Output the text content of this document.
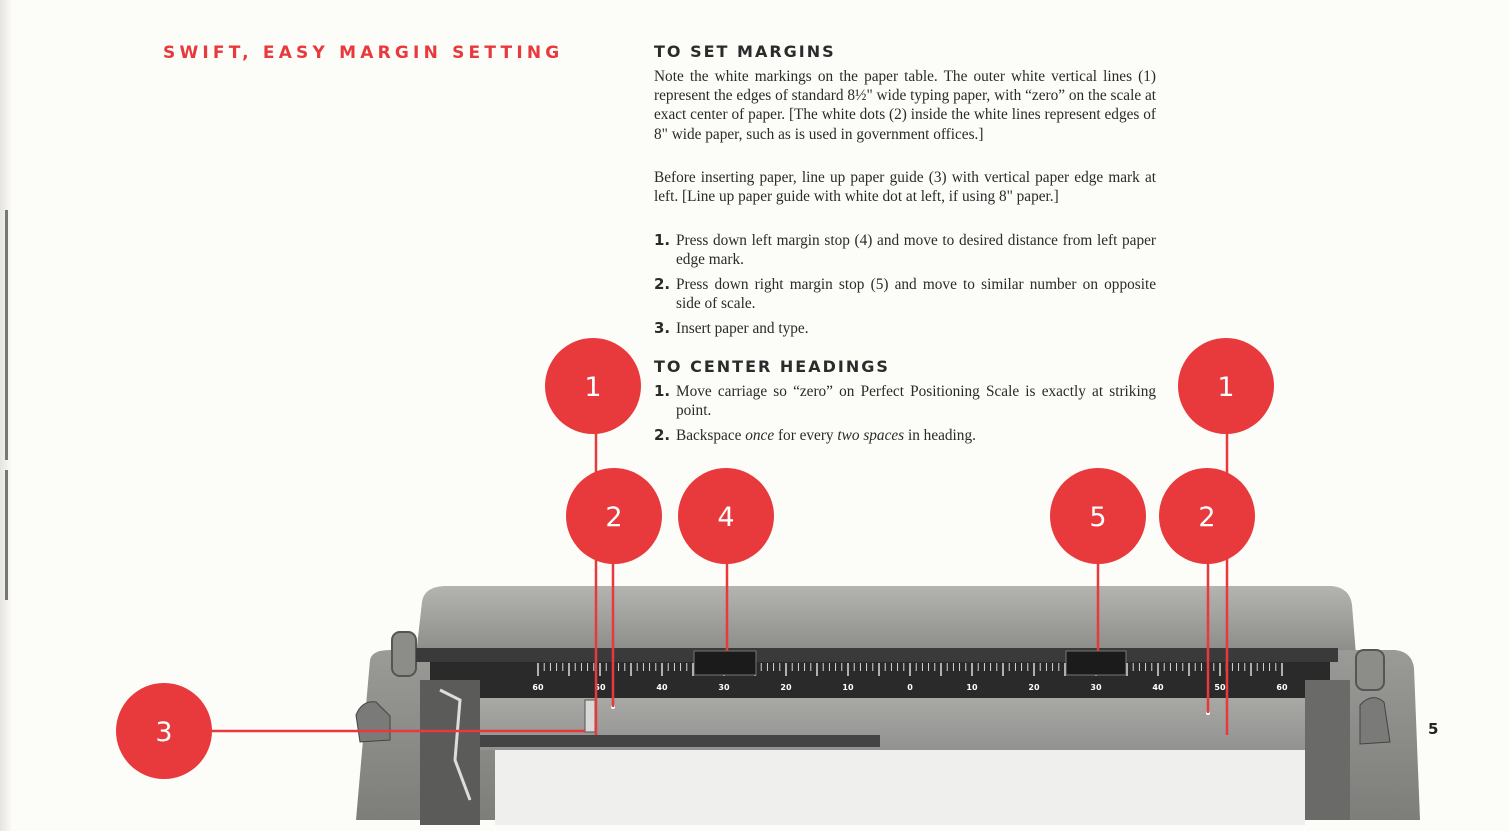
SWIFT, EASY MARGIN SETTING	TO SET MARGINS
Note the white markings on the paper table. The outer white vertical lines (1) represent the edges of standard 8½" wide typing paper, with “zero” on the scale at exact center of paper. [The white dots (2) inside the white lines represent edges of 8" wide paper, such as is used in government offices.]
Before inserting paper, line up paper guide (3) with vertical paper edge mark at left. [Line up paper guide with white dot at left, if using 8" paper.]
1. Press down left margin stop (4) and move to desired distance from left paper edge mark.
2. Press down right margin stop (5) and move to similar number on opposite side of scale.
3. Insert paper and type.
TO CENTER HEADINGS
1. Move carriage so “zero” on Perfect Positioning Scale is exactly at striking point.
2. Backspace once for every two spaces in heading.
60	50	40	30	20	10	0	10	20	30	40	50	60
1
2	4	5	2
1
3	5
